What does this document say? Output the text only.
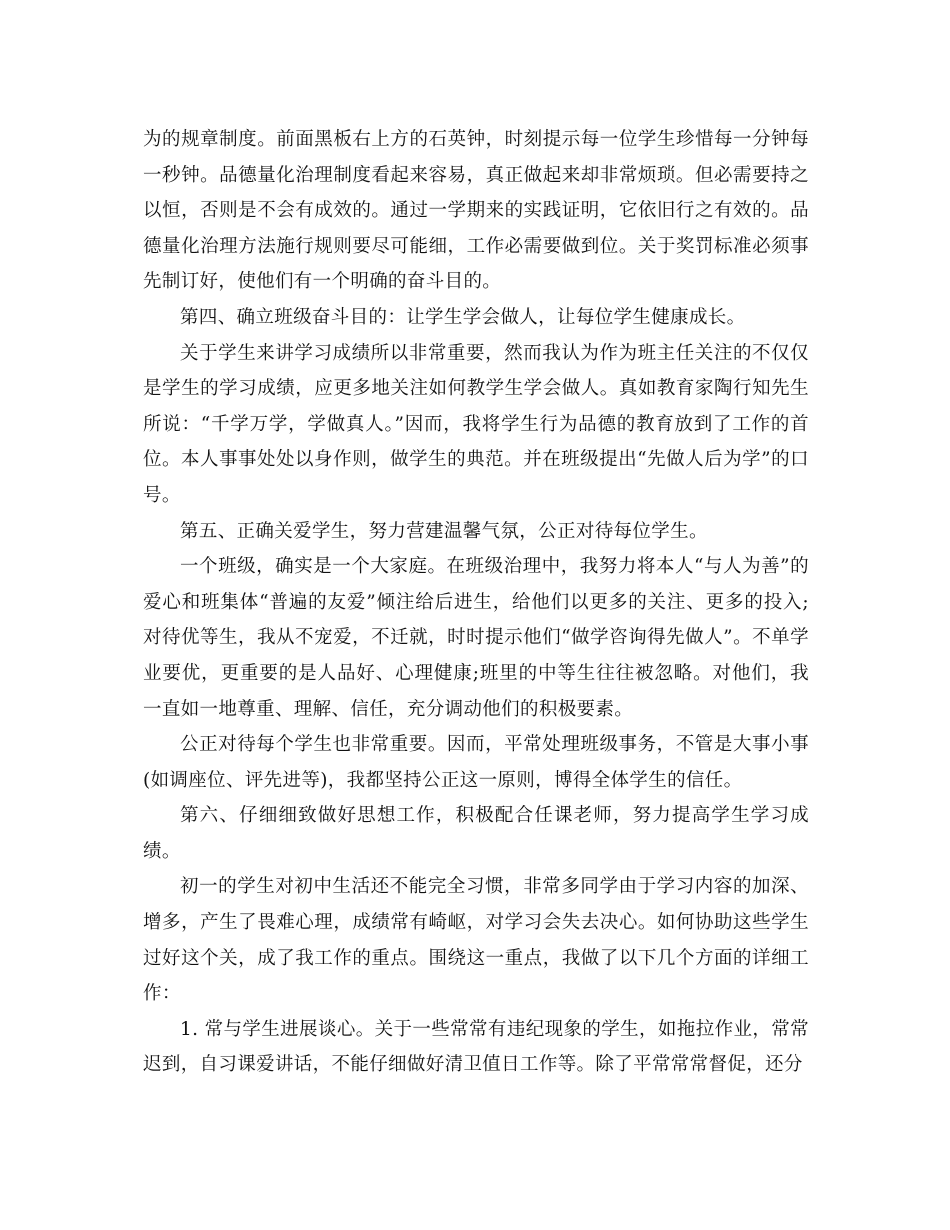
为的规章制度。前面黑板右上方的石英钟，时刻提示每一位学生珍惜每一分钟每一秒钟。品德量化治理制度看起来容易，真正做起来却非常烦琐。但必需要持之以恒，否则是不会有成效的。通过一学期来的实践证明，它依旧行之有效的。品德量化治理方法施行规则要尽可能细，工作必需要做到位。关于奖罚标准必须事先制订好，使他们有一个明确的奋斗目的。

第四、确立班级奋斗目的：让学生学会做人，让每位学生健康成长。

关于学生来讲学习成绩所以非常重要，然而我认为作为班主任关注的不仅仅是学生的学习成绩，应更多地关注如何教学生学会做人。真如教育家陶行知先生所说：“千学万学，学做真人。”因而，我将学生行为品德的教育放到了工作的首位。本人事事处处以身作则，做学生的典范。并在班级提出“先做人后为学”的口号。

第五、正确关爱学生，努力营建温馨气氛，公正对待每位学生。

一个班级，确实是一个大家庭。在班级治理中，我努力将本人“与人为善”的爱心和班集体“普遍的友爱”倾注给后进生，给他们以更多的关注、更多的投入;对待优等生，我从不宠爱，不迁就，时时提示他们“做学咨询得先做人”。不单学业要优，更重要的是人品好、心理健康;班里的中等生往往被忽略。对他们，我一直如一地尊重、理解、信任，充分调动他们的积极要素。

公正对待每个学生也非常重要。因而，平常处理班级事务，不管是大事小事(如调座位、评先进等)，我都坚持公正这一原则，博得全体学生的信任。

第六、仔细细致做好思想工作，积极配合任课老师，努力提高学生学习成绩。

初一的学生对初中生活还不能完全习惯，非常多同学由于学习内容的加深、增多，产生了畏难心理，成绩常有崎岖，对学习会失去决心。如何协助这些学生过好这个关，成了我工作的重点。围绕这一重点，我做了以下几个方面的详细工作：

1. 常与学生进展谈心。关于一些常常有违纪现象的学生，如拖拉作业，常常迟到，自习课爱讲话，不能仔细做好清卫值日工作等。除了平常常常督促，还分
